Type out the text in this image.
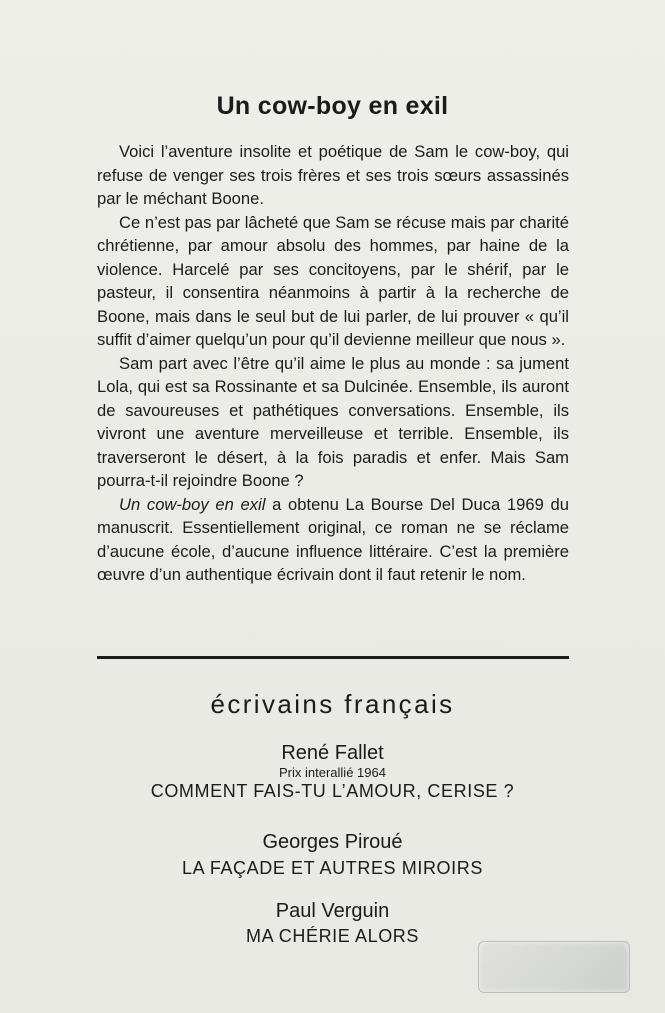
Un cow-boy en exil

Voici l’aventure insolite et poétique de Sam le cow-boy, qui refuse de venger ses trois frères et ses trois sœurs assassinés par le méchant Boone.

Ce n’est pas par lâcheté que Sam se récuse mais par charité chrétienne, par amour absolu des hommes, par haine de la violence. Harcelé par ses concitoyens, par le shérif, par le pasteur, il consentira néanmoins à partir à la recherche de Boone, mais dans le seul but de lui parler, de lui prouver « qu’il suffit d’aimer quelqu’un pour qu’il devienne meilleur que nous ».

Sam part avec l’être qu’il aime le plus au monde : sa jument Lola, qui est sa Rossinante et sa Dulcinée. Ensemble, ils auront de savoureuses et pathétiques conversations. Ensemble, ils vivront une aventure merveilleuse et terrible. Ensemble, ils traverseront le désert, à la fois paradis et enfer. Mais Sam pourra-t-il rejoindre Boone ?

Un cow-boy en exil a obtenu La Bourse Del Duca 1969 du manuscrit. Essentiellement original, ce roman ne se réclame d’aucune école, d’aucune influence littéraire. C’est la première œuvre d’un authentique écrivain dont il faut retenir le nom.

écrivains français
René Fallet
Prix interallié 1964
COMMENT FAIS-TU L’AMOUR, CERISE ?
Georges Piroué
LA FAÇADE ET AUTRES MIROIRS
Paul Verguin
MA CHÉRIE ALORS
